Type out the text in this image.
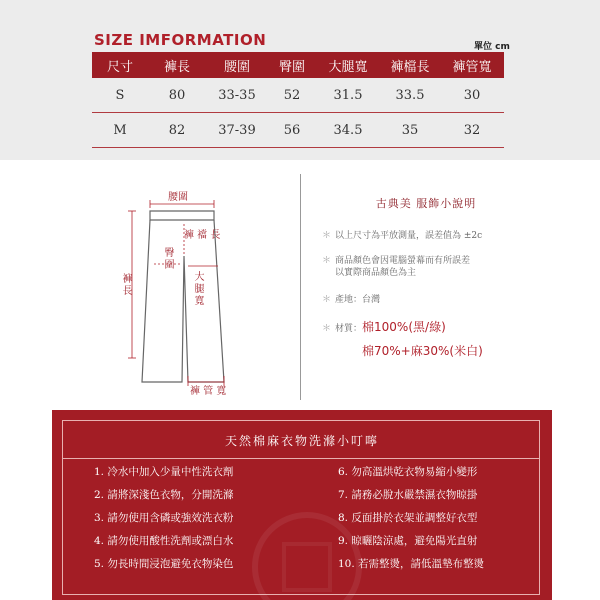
SIZE IMFORMATION	單位 cm
尺寸	褲長	腰圍	臀圍	大腿寬	褲檔長	褲管寬
S	80	33-35	52	31.5	33.5	30
M	82	37-39	56	34.5	35	32
腰圍
褲 襠 長
臀圍
褲長
大腿寬
褲 管 寬
古典美 服飾小說明
＊ 以上尺寸為平放測量，誤差值為 ±2c
＊ 商品顏色會因電腦螢幕而有所誤差
以實際商品顏色為主
＊ 產地：台灣
＊ 材質：棉100%(黑/綠)
棉70%+麻30%(米白)
天然棉麻衣物洗滌小叮嚀
1. 冷水中加入少量中性洗衣劑
2. 請將深淺色衣物，分開洗滌
3. 請勿使用含磷或強效洗衣粉
4. 請勿使用酸性洗劑或漂白水
5. 勿長時間浸泡避免衣物染色
6. 勿高溫烘乾衣物易縮小變形
7. 請務必脫水嚴禁濕衣物晾掛
8. 反面掛於衣架並調整好衣型
9. 晾曬陰涼處，避免陽光直射
10. 若需整燙，請低溫墊布整燙
